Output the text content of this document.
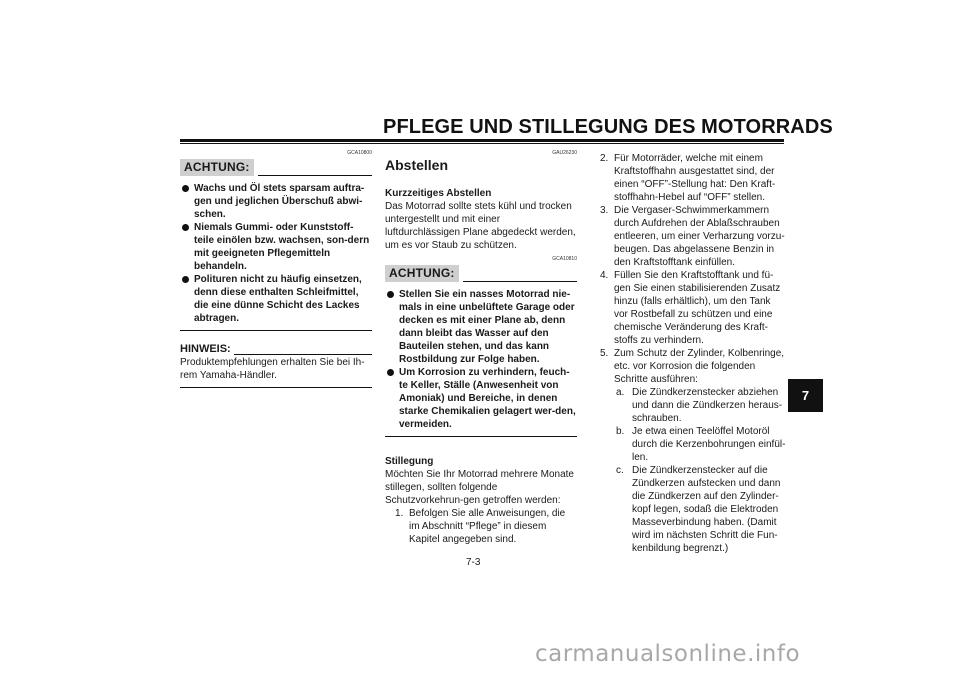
PFLEGE UND STILLEGUNG DES MOTORRADS
GCA10800
ACHTUNG:
Wachs und Öl stets sparsam auftra-gen und jeglichen Überschuß abwi-schen.
Niemals Gummi- oder Kunststoff-teile einölen bzw. wachsen, son-dern mit geeigneten Pflegemitteln behandeln.
Polituren nicht zu häufig einsetzen, denn diese enthalten Schleifmittel, die eine dünne Schicht des Lackes abtragen.
HINWEIS:

Produktempfehlungen erhalten Sie bei Ih-rem Yamaha-Händler.

GAU26230
Abstellen
Kurzzeitiges Abstellen

Das Motorrad sollte stets kühl und trocken untergestellt und mit einer luftdurchlässigen Plane abgedeckt werden, um es vor Staub zu schützen.

GCA10810
ACHTUNG:
Stellen Sie ein nasses Motorrad nie-mals in eine unbelüftete Garage oder decken es mit einer Plane ab, denn dann bleibt das Wasser auf den Bauteilen stehen, und das kann Rostbildung zur Folge haben.
Um Korrosion zu verhindern, feuch-te Keller, Ställe (Anwesenheit von Amoniak) und Bereiche, in denen starke Chemikalien gelagert wer-den, vermeiden.
Stillegung

Möchten Sie Ihr Motorrad mehrere Monate stillegen, sollten folgende Schutzvorkehrun-gen getroffen werden:

1. Befolgen Sie alle Anweisungen, die im Abschnitt “Pflege” in diesem Kapitel angegeben sind.
2. Für Motorräder, welche mit einem Kraftstoffhahn ausgestattet sind, der einen “OFF”-Stellung hat: Den Kraft-stoffhahn-Hebel auf “OFF” stellen.
3. Die Vergaser-Schwimmerkammern durch Aufdrehen der Ablaßschrauben entleeren, um einer Verharzung vorzu-beugen. Das abgelassene Benzin in den Kraftstofftank einfüllen.
4. Füllen Sie den Kraftstofftank und fü-gen Sie einen stabilisierenden Zusatz hinzu (falls erhältlich), um den Tank vor Rostbefall zu schützen und eine chemische Veränderung des Kraft-stoffs zu verhindern.
5. Zum Schutz der Zylinder, Kolbenringe, etc. vor Korrosion die folgenden Schritte ausführen:
a. Die Zündkerzenstecker abziehen und dann die Zündkerzen heraus-schrauben.
b. Je etwa einen Teelöffel Motoröl durch die Kerzenbohrungen einfül-len.
c. Die Zündkerzenstecker auf die Zündkerzen aufstecken und dann die Zündkerzen auf den Zylinder-kopf legen, sodaß die Elektroden Masseverbindung haben. (Damit wird im nächsten Schritt die Fun-kenbildung begrenzt.)
7
7-3
carmanualsonline.info
